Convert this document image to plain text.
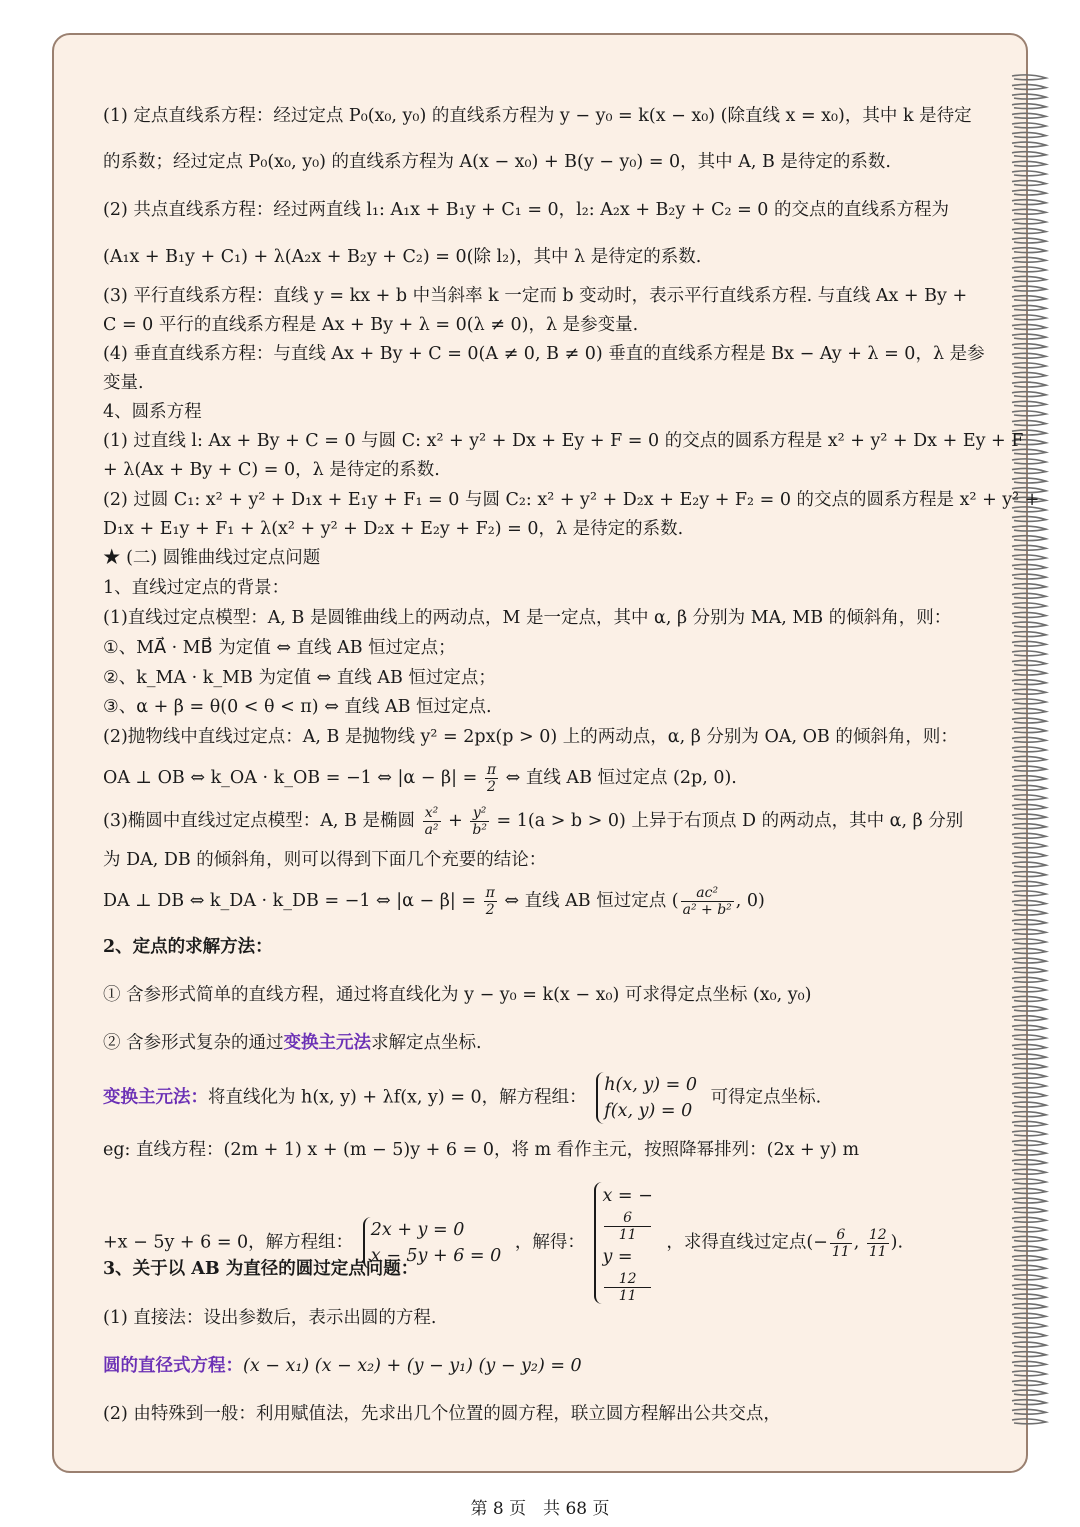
(1) 定点直线系方程：经过定点 P₀(x₀, y₀) 的直线系方程为 y − y₀ = k(x − x₀) (除直线 x = x₀)，其中 k 是待定
的系数；经过定点 P₀(x₀, y₀) 的直线系方程为 A(x − x₀) + B(y − y₀) = 0，其中 A, B 是待定的系数.
(2) 共点直线系方程：经过两直线 l₁: A₁x + B₁y + C₁ = 0，l₂: A₂x + B₂y + C₂ = 0 的交点的直线系方程为
(A₁x + B₁y + C₁) + λ(A₂x + B₂y + C₂) = 0(除 l₂)，其中 λ 是待定的系数.
(3) 平行直线系方程：直线 y = kx + b 中当斜率 k 一定而 b 变动时，表示平行直线系方程. 与直线 Ax + By +
C = 0 平行的直线系方程是 Ax + By + λ = 0(λ ≠ 0)，λ 是参变量.
(4) 垂直直线系方程：与直线 Ax + By + C = 0(A ≠ 0, B ≠ 0) 垂直的直线系方程是 Bx − Ay + λ = 0，λ 是参
变量.
4、圆系方程
(1) 过直线 l: Ax + By + C = 0 与圆 C: x² + y² + Dx + Ey + F = 0 的交点的圆系方程是 x² + y² + Dx + Ey + F
+ λ(Ax + By + C) = 0，λ 是待定的系数.
(2) 过圆 C₁: x² + y² + D₁x + E₁y + F₁ = 0 与圆 C₂: x² + y² + D₂x + E₂y + F₂ = 0 的交点的圆系方程是 x² + y² +
D₁x + E₁y + F₁ + λ(x² + y² + D₂x + E₂y + F₂) = 0，λ 是待定的系数.
★ (二) 圆锥曲线过定点问题
1、直线过定点的背景：
(1)直线过定点模型：A, B 是圆锥曲线上的两动点，M 是一定点，其中 α, β 分别为 MA, MB 的倾斜角，则：
①、MA⃗ · MB⃗ 为定值 ⇔ 直线 AB 恒过定点；
②、k_MA · k_MB 为定值 ⇔ 直线 AB 恒过定点；
③、α + β = θ(0 < θ < π) ⇔ 直线 AB 恒过定点.
(2)抛物线中直线过定点：A, B 是抛物线 y² = 2px(p > 0) 上的两动点，α, β 分别为 OA, OB 的倾斜角，则：
为 DA, DB 的倾斜角，则可以得到下面几个充要的结论：
2、定点的求解方法：
① 含参形式简单的直线方程，通过将直线化为 y − y₀ = k(x − x₀) 可求得定点坐标 (x₀, y₀)
eg: 直线方程：(2m + 1) x + (m − 5)y + 6 = 0，将 m 看作主元，按照降幂排列：(2x + y) m
3、关于以 AB 为直径的圆过定点问题：
(1) 直接法：设出参数后，表示出圆的方程.
(2) 由特殊到一般：利用赋值法，先求出几个位置的圆方程，联立圆方程解出公共交点，
OA ⊥ OB ⇔ k_OA · k_OB = −1 ⇔ $|\alpha - \beta| = \frac{\pi}{2}$ ⇔ 直线 AB 恒过定点 (2p, 0).
(3)椭圆中直线过定点模型：A, B 是椭圆 $\frac{\text{x²}}{\text{a²}} + \frac{\text{y²}}{\text{b²}} = 1(a > b > 0)$ 上异于右顶点 D 的两动点，其中 α, β 分别
DA ⊥ DB ⇔ k_DA · k_DB = −1 ⇔ $|\alpha - \beta| = \frac{\pi}{2}$ ⇔ 直线 AB 恒过定点 ( $\frac{\text{ac²}}{\text{a² + b²}}$ , 0)
② 含参形式复杂的通过变换主元法求解定点坐标.
变换主元法：将直线化为 h(x, y) + λf(x, y) = 0，解方程组：
h(x, y) = 0
f(x, y) = 0
可得定点坐标.
+x − 5y + 6 = 0，解方程组：
2x + y = 0
x − 5y + 6 = 0
，解得：
x = −
6
11
y =
12
11
，求得直线过定点(− $\frac{6}{11}$ , $\frac{12}{11}$ ).
圆的直径式方程：(x − x₁) (x − x₂) + (y − y₁) (y − y₂) = 0
第 8 页　共 68 页
